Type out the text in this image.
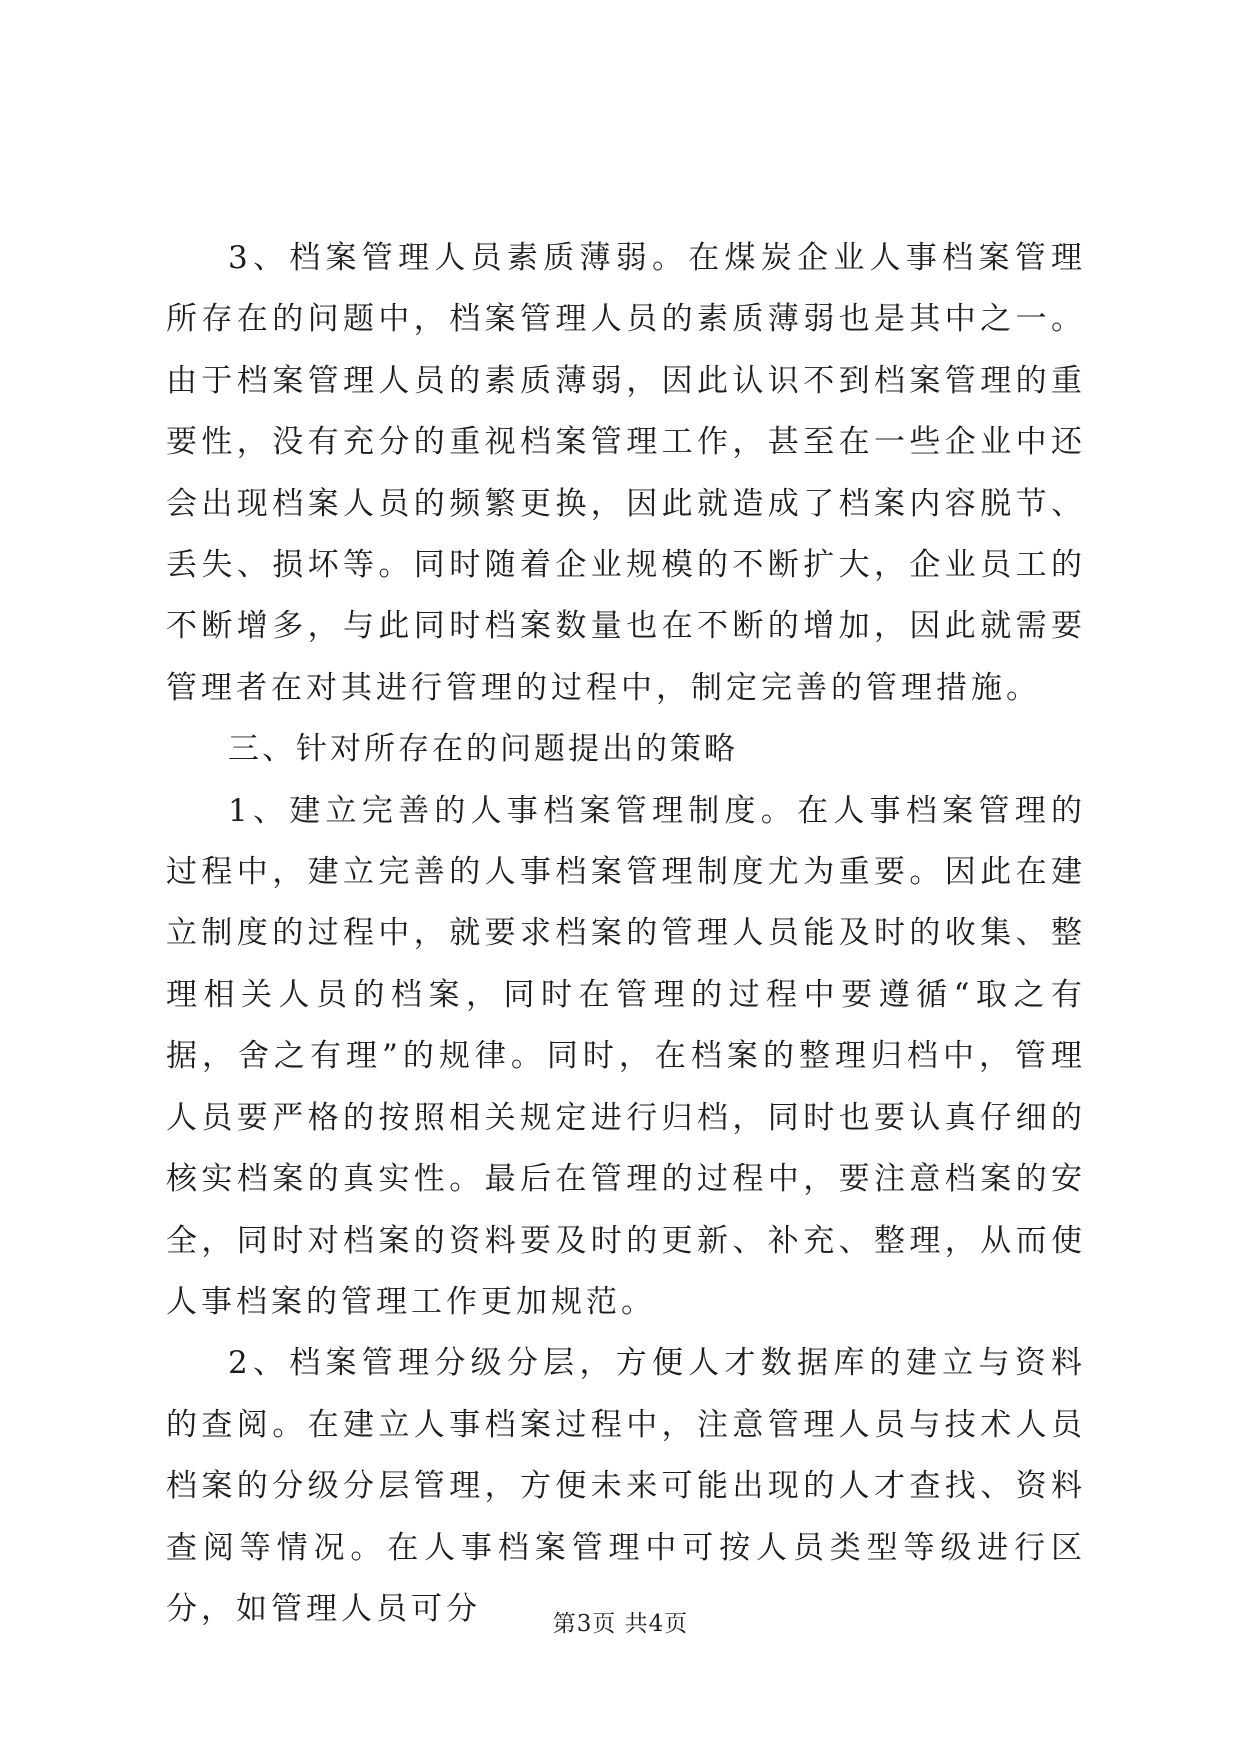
3、档案管理人员素质薄弱。在煤炭企业人事档案管理所存在的问题中，档案管理人员的素质薄弱也是其中之一。由于档案管理人员的素质薄弱，因此认识不到档案管理的重要性，没有充分的重视档案管理工作，甚至在一些企业中还会出现档案人员的频繁更换，因此就造成了档案内容脱节、丢失、损坏等。同时随着企业规模的不断扩大，企业员工的不断增多，与此同时档案数量也在不断的增加，因此就需要管理者在对其进行管理的过程中，制定完善的管理措施。

三、针对所存在的问题提出的策略

1、建立完善的人事档案管理制度。在人事档案管理的过程中，建立完善的人事档案管理制度尤为重要。因此在建立制度的过程中，就要求档案的管理人员能及时的收集、整理相关人员的档案，同时在管理的过程中要遵循“取之有据，舍之有理”的规律。同时，在档案的整理归档中，管理人员要严格的按照相关规定进行归档，同时也要认真仔细的核实档案的真实性。最后在管理的过程中，要注意档案的安全，同时对档案的资料要及时的更新、补充、整理，从而使人事档案的管理工作更加规范。

2、档案管理分级分层，方便人才数据库的建立与资料的查阅。在建立人事档案过程中，注意管理人员与技术人员档案的分级分层管理，方便未来可能出现的人才查找、资料查阅等情况。在人事档案管理中可按人员类型等级进行区分，如管理人员可分	第3页 共4页
